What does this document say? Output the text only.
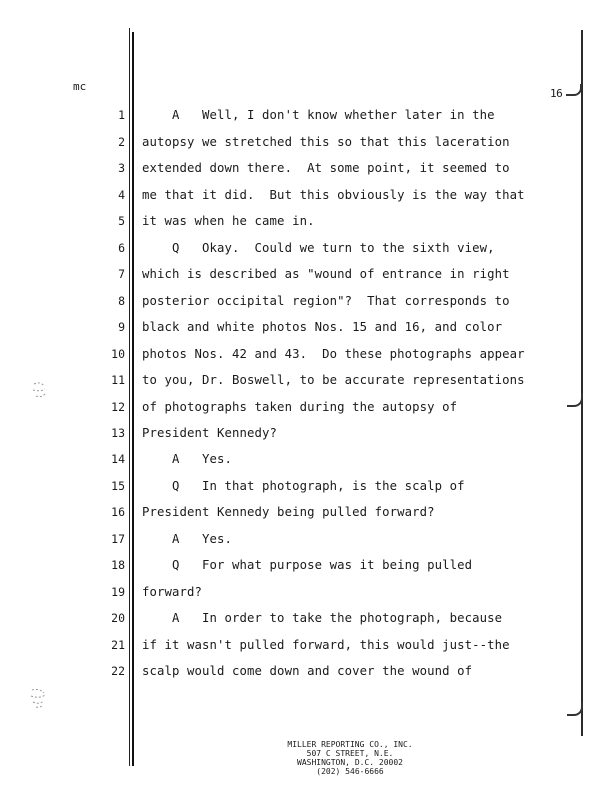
mc
16
1 A   Well, I don't know whether later in the
2 autopsy we stretched this so that this laceration
3 extended down there.  At some point, it seemed to
4 me that it did.  But this obviously is the way that
5 it was when he came in.
6 Q   Okay.  Could we turn to the sixth view,
7 which is described as "wound of entrance in right
8 posterior occipital region"?  That corresponds to
9 black and white photos Nos. 15 and 16, and color
10 photos Nos. 42 and 43.  Do these photographs appear
11 to you, Dr. Boswell, to be accurate representations
12 of photographs taken during the autopsy of
13 President Kennedy?
14 A   Yes.
15 Q   In that photograph, is the scalp of
16 President Kennedy being pulled forward?
17 A   Yes.
18 Q   For what purpose was it being pulled
19 forward?
20 A   In order to take the photograph, because
21 if it wasn't pulled forward, this would just--the
22 scalp would come down and cover the wound of
MILLER REPORTING CO., INC.
507 C STREET, N.E.
WASHINGTON, D.C. 20002
(202) 546-6666
